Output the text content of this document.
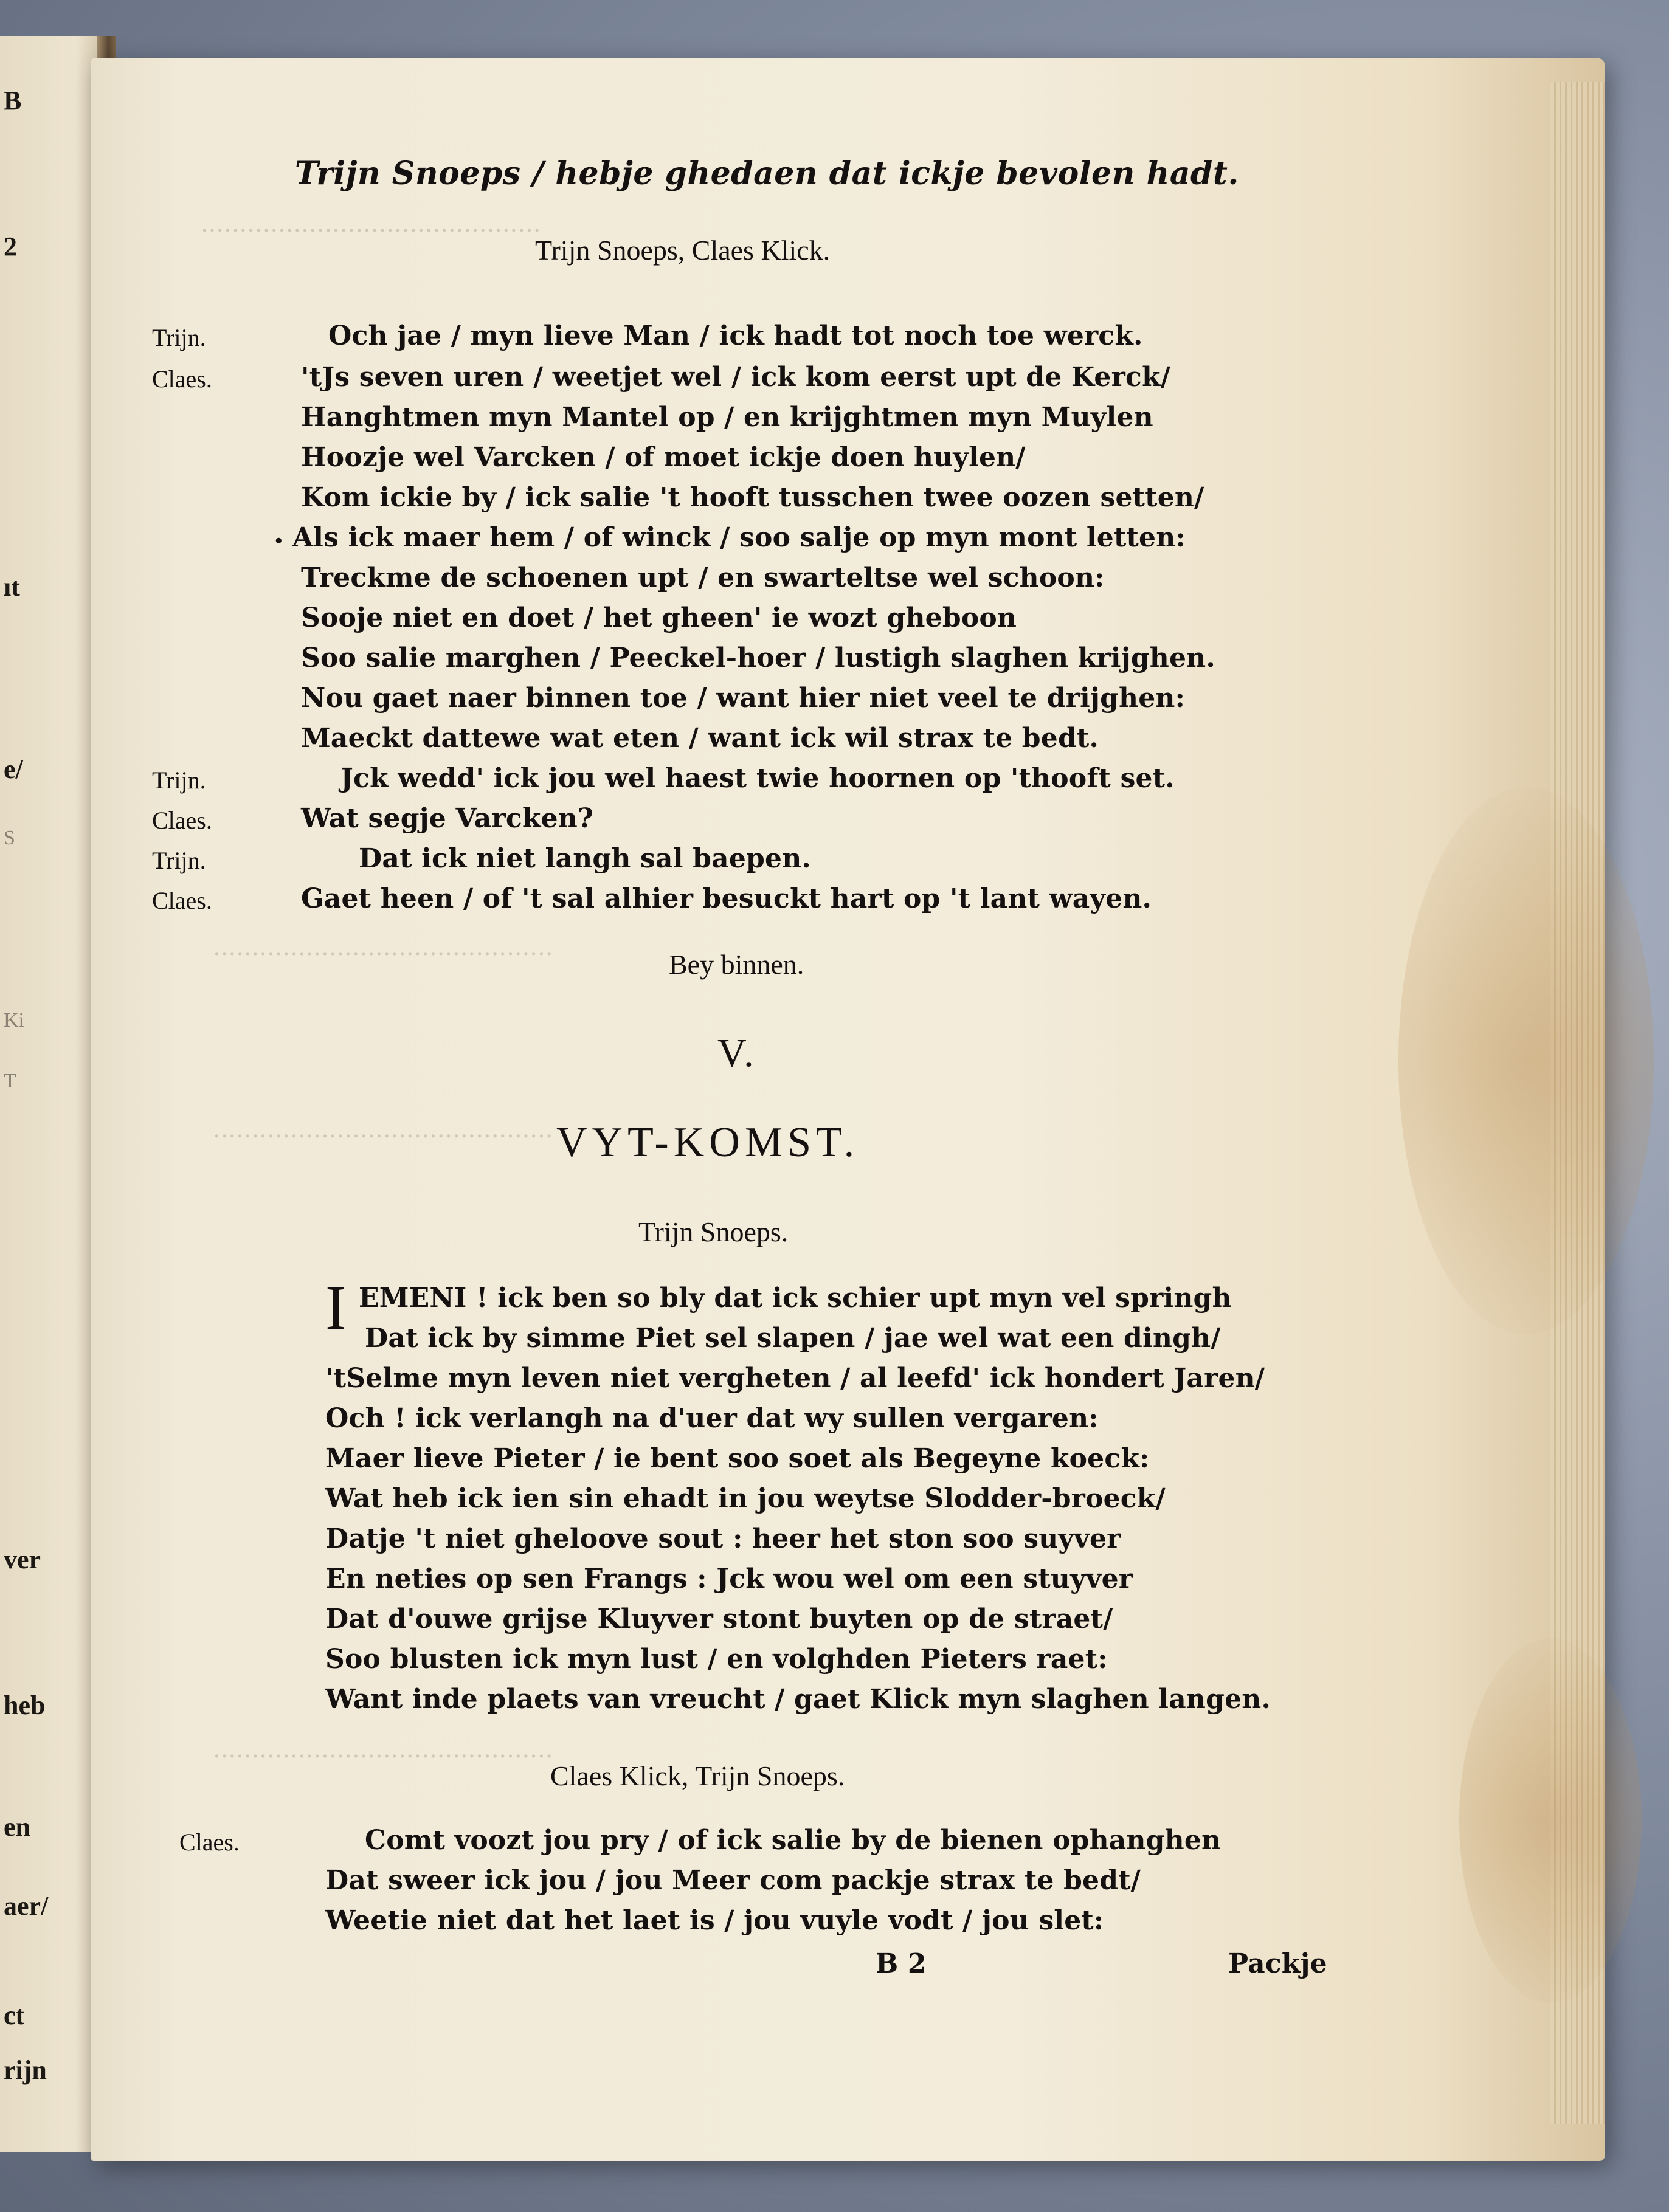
B
2
ıt
e/
S
Ki
T
ver
heb
en
aer/
ct
rijn
............................................
............................................
............................................
............................................
Trijn Snoeps / hebje ghedaen dat ickje bevolen hadt.
Trijn Snoeps, Claes Klick.
Trijn.	Och jae / myn lieve Man / ick hadt tot noch toe werck.
Claes.	'tJs seven uren / weetjet wel / ick kom eerst upt de Kerck/
Hanghtmen myn Mantel op / en krijghtmen myn Muylen
Hoozje wel Varcken / of moet ickje doen huylen/
Kom ickie by / ick salie 't hooft tusschen twee oozen setten/
• Als ick maer hem / of winck / soo salje op myn mont letten:
Treckme de schoenen upt / en swarteltse wel schoon:
Sooje niet en doet / het gheen' ie wozt gheboon
Soo salie marghen / Peeckel-hoer / lustigh slaghen krijghen.
Nou gaet naer binnen toe / want hier niet veel te drijghen:
Maeckt dattewe wat eten / want ick wil strax te bedt.
Trijn.	Jck wedd' ick jou wel haest twie hoornen op 'thooft set.
Claes.	Wat segje Varcken?
Trijn.	Dat ick niet langh sal baepen.
Claes.	Gaet heen / of 't sal alhier besuckt hart op 't lant wayen.
Bey binnen.
V.
VYT-KOMST.
Trijn Snoeps.
I EMENI ! ick ben so bly dat ick schier upt myn vel springh
Dat ick by simme Piet sel slapen / jae wel wat een dingh/
'tSelme myn leven niet vergheten / al leefd' ick hondert Jaren/
Och ! ick verlangh na d'uer dat wy sullen vergaren:
Maer lieve Pieter / ie bent soo soet als Begeyne koeck:
Wat heb ick ien sin ehadt in jou weytse Slodder-broeck/
Datje 't niet gheloove sout : heer het ston soo suyver
En neties op sen Frangs : Jck wou wel om een stuyver
Dat d'ouwe grijse Kluyver stont buyten op de straet/
Soo blusten ick myn lust / en volghden Pieters raet:
Want inde plaets van vreucht / gaet Klick myn slaghen langen.
Claes Klick, Trijn Snoeps.
Claes.	Comt voozt jou pry / of ick salie by de bienen ophanghen
Dat sweer ick jou / jou Meer com packje strax te bedt/
Weetie niet dat het laet is / jou vuyle vodt / jou slet:
B 2	Packje
